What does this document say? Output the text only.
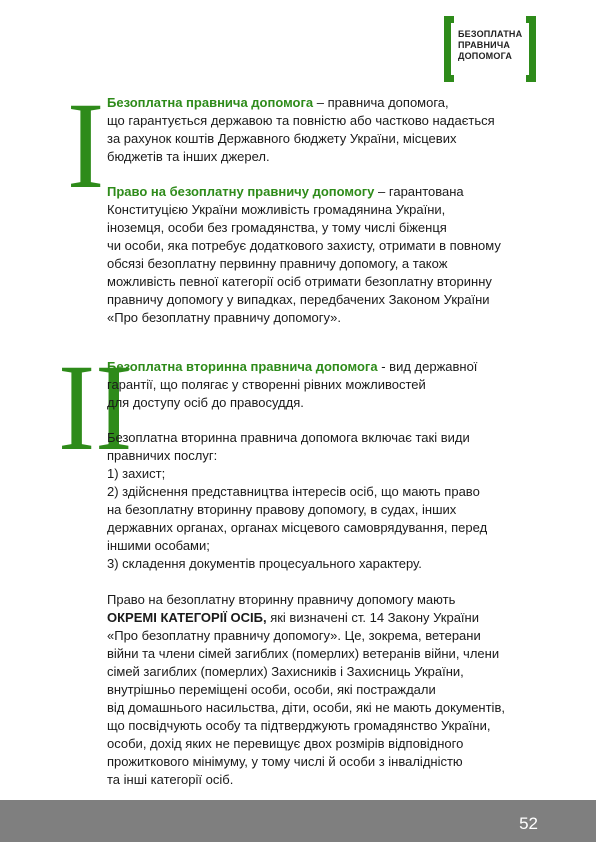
БЕЗОПЛАТНА
ПРАВНИЧА
ДОПОМОГА
I
II

Безоплатна правнича допомога – правнича допомога,
що гарантується державою та повністю або частково надається
за рахунок коштів Державного бюджету України, місцевих
бюджетів та інших джерел.

Право на безоплатну правничу допомогу – гарантована
Конституцією України можливість громадянина України,
іноземця, особи без громадянства, у тому числі біженця
чи особи, яка потребує додаткового захисту, отримати в повному
обсязі безоплатну первинну правничу допомогу, а також
можливість певної категорії осіб отримати безоплатну вторинну
правничу допомогу у випадках, передбачених Законом України
«Про безоплатну правничу допомогу».

Безоплатна вторинна правнича допомога - вид державної
гарантії, що полягає у створенні рівних можливостей
для доступу осіб до правосуддя.

Безоплатна вторинна правнича допомога включає такі види
правничих послуг:
1) захист;
2) здійснення представництва інтересів осіб, що мають право
на безоплатну вторинну правову допомогу, в судах, інших
державних органах, органах місцевого самоврядування, перед
іншими особами;
3) складення документів процесуального характеру.

Право на безоплатну вторинну правничу допомогу мають
ОКРЕМІ КАТЕГОРІЇ ОСІБ, які визначені ст. 14 Закону України
«Про безоплатну правничу допомогу». Це, зокрема, ветерани
війни та члени сімей загиблих (померлих) ветеранів війни, члени
сімей загиблих (померлих) Захисників і Захисниць України,
внутрішньо переміщені особи, особи, які постраждали
від домашнього насильства, діти, особи, які не мають документів,
що посвідчують особу та підтверджують громадянство України,
особи, дохід яких не перевищує двох розмірів відповідного
прожиткового мінімуму, у тому числі й особи з інвалідністю
та інші категорії осіб.

52
